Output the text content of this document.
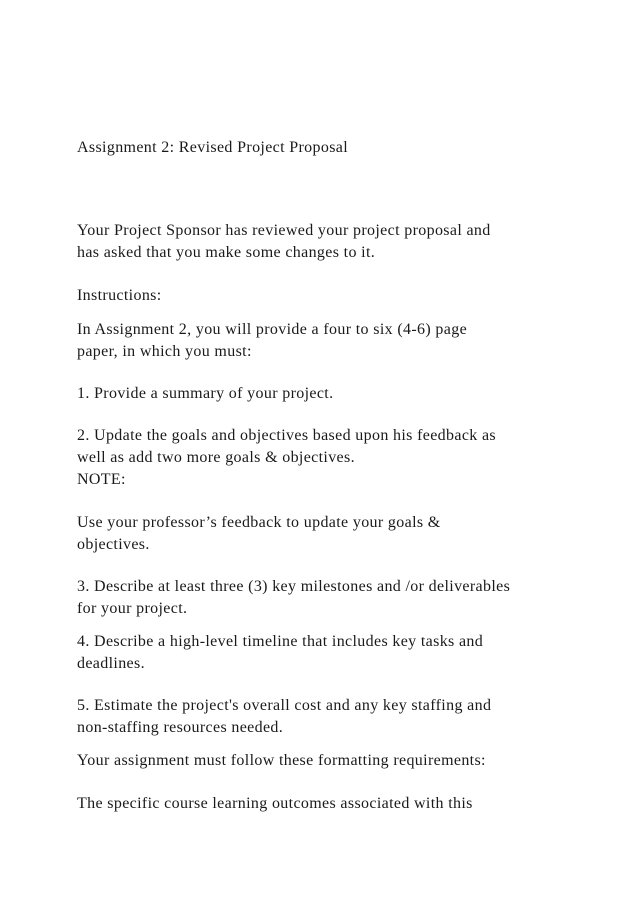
Assignment 2: Revised Project Proposal

Your Project Sponsor has reviewed your project proposal and

has asked that you make some changes to it.

Instructions:

In Assignment 2, you will provide a four to six (4-6) page

paper, in which you must:

1. Provide a summary of your project.

2. Update the goals and objectives based upon his feedback as

well as add two more goals & objectives.

NOTE:

Use your professor’s feedback to update your goals &

objectives.

3. Describe at least three (3) key milestones and /or deliverables

for your project.

4. Describe a high-level timeline that includes key tasks and

deadlines.

5. Estimate the project's overall cost and any key staffing and

non-staffing resources needed.

Your assignment must follow these formatting requirements:

The specific course learning outcomes associated with this
